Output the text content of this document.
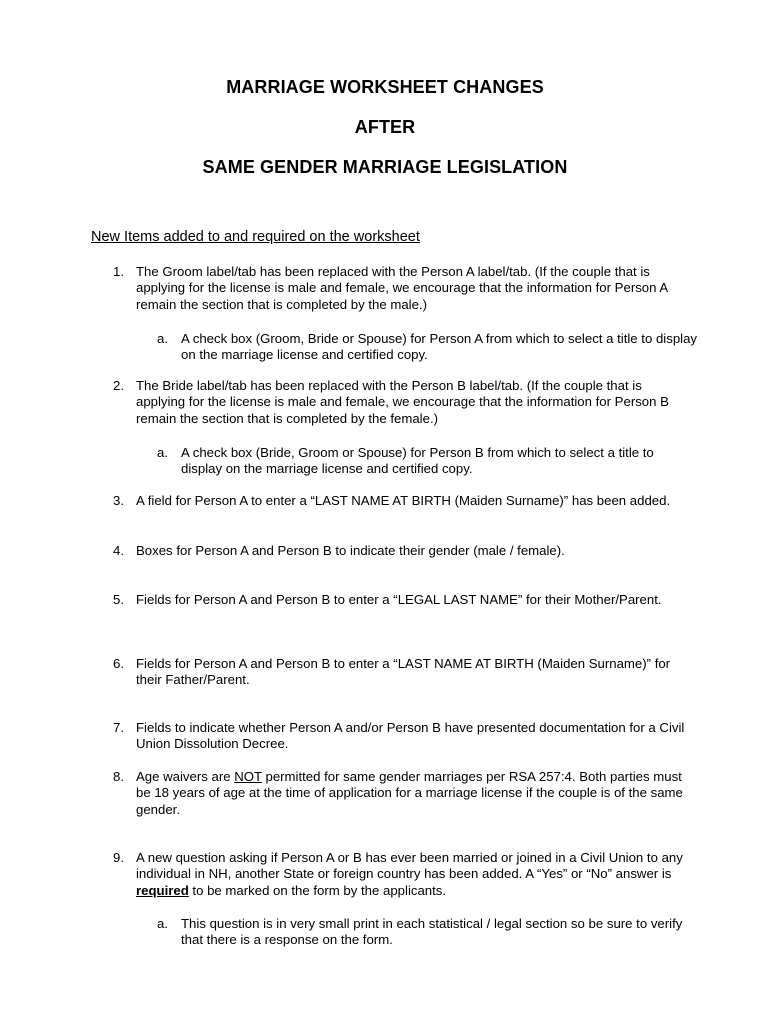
MARRIAGE WORKSHEET CHANGES
AFTER
SAME GENDER MARRIAGE LEGISLATION
New Items added to and required on the worksheet
1. The Groom label/tab has been replaced with the Person A label/tab. (If the couple that is applying for the license is male and female, we encourage that the information for Person A remain the section that is completed by the male.)
a. A check box (Groom, Bride or Spouse) for Person A from which to select a title to display on the marriage license and certified copy.
2. The Bride label/tab has been replaced with the Person B label/tab. (If the couple that is applying for the license is male and female, we encourage that the information for Person B remain the section that is completed by the female.)
a. A check box (Bride, Groom or Spouse) for Person B from which to select a title to display on the marriage license and certified copy.
3. A field for Person A to enter a “LAST NAME AT BIRTH (Maiden Surname)” has been added.
4. Boxes for Person A and Person B to indicate their gender (male / female).
5. Fields for Person A and Person B to enter a “LEGAL LAST NAME” for their Mother/Parent.
6. Fields for Person A and Person B to enter a “LAST NAME AT BIRTH (Maiden Surname)” for their Father/Parent.
7. Fields to indicate whether Person A and/or Person B have presented documentation for a Civil Union Dissolution Decree.
8. Age waivers are NOT permitted for same gender marriages per RSA 257:4. Both parties must be 18 years of age at the time of application for a marriage license if the couple is of the same gender.
9. A new question asking if Person A or B has ever been married or joined in a Civil Union to any individual in NH, another State or foreign country has been added. A “Yes” or “No” answer is required to be marked on the form by the applicants.
a. This question is in very small print in each statistical / legal section so be sure to verify that there is a response on the form.
